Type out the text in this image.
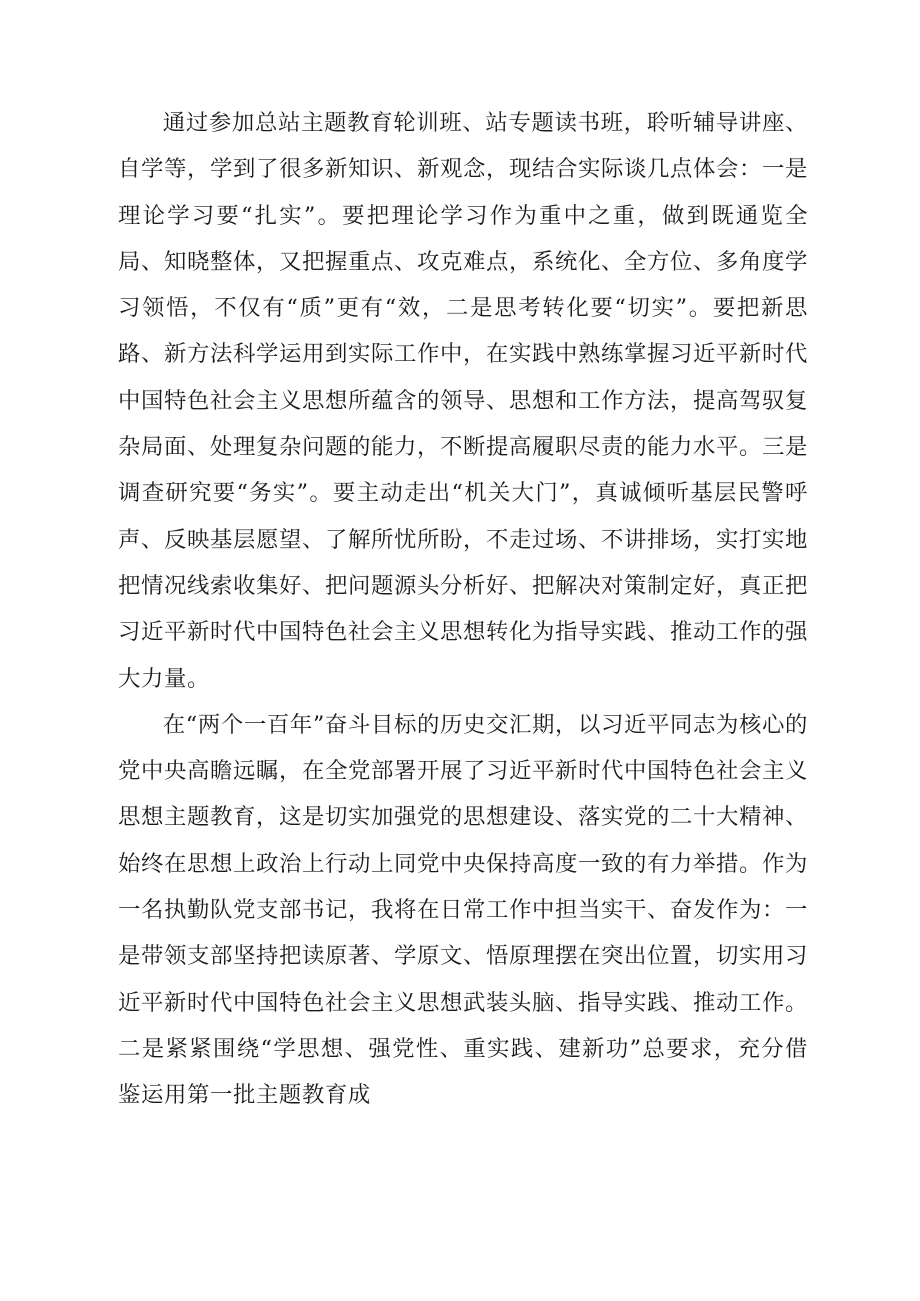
通过参加总站主题教育轮训班、站专题读书班，聆听辅导讲座、自学等，学到了很多新知识、新观念，现结合实际谈几点体会：一是理论学习要“扎实”。要把理论学习作为重中之重，做到既通览全局、知晓整体，又把握重点、攻克难点，系统化、全方位、多角度学习领悟，不仅有“质”更有“效，二是思考转化要“切实”。要把新思路、新方法科学运用到实际工作中，在实践中熟练掌握习近平新时代中国特色社会主义思想所蕴含的领导、思想和工作方法，提高驾驭复杂局面、处理复杂问题的能力，不断提高履职尽责的能力水平。三是调查研究要“务实”。要主动走出“机关大门”，真诚倾听基层民警呼声、反映基层愿望、了解所忧所盼，不走过场、不讲排场，实打实地把情况线索收集好、把问题源头分析好、把解决对策制定好，真正把习近平新时代中国特色社会主义思想转化为指导实践、推动工作的强大力量。

在“两个一百年”奋斗目标的历史交汇期，以习近平同志为核心的党中央高瞻远瞩，在全党部署开展了习近平新时代中国特色社会主义思想主题教育，这是切实加强党的思想建设、落实党的二十大精神、始终在思想上政治上行动上同党中央保持高度一致的有力举措。作为一名执勤队党支部书记，我将在日常工作中担当实干、奋发作为：一是带领支部坚持把读原著、学原文、悟原理摆在突出位置，切实用习近平新时代中国特色社会主义思想武装头脑、指导实践、推动工作。二是紧紧围绕“学思想、强党性、重实践、建新功”总要求，充分借鉴运用第一批主题教育成
